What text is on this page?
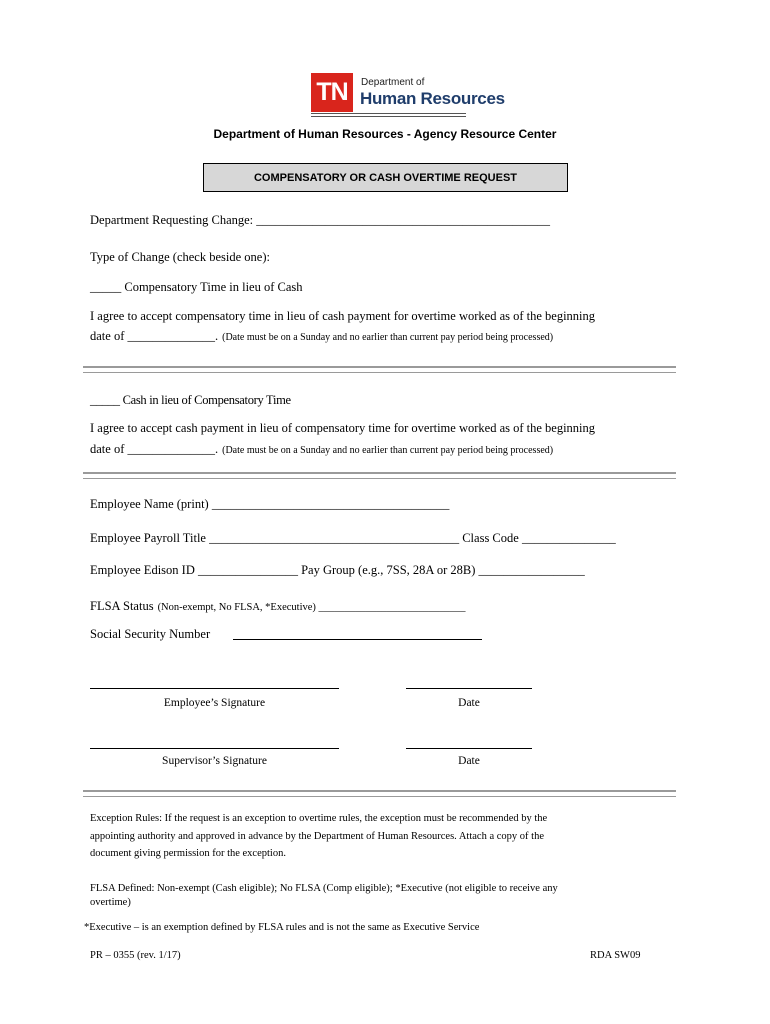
TN Department of
Human Resources
Department of Human Resources - Agency Resource Center
COMPENSATORY OR CASH OVERTIME REQUEST
Department Requesting Change: _______________________________________________
Type of Change (check beside one):
_____ Compensatory Time in lieu of Cash
I agree to accept compensatory time in lieu of cash payment for overtime worked as of the beginning
date of ______________. (Date must be on a Sunday and no earlier than current pay period being processed)
_____ Cash in lieu of Compensatory Time
I agree to accept cash payment in lieu of compensatory time for overtime worked as of the beginning
date of ______________. (Date must be on a Sunday and no earlier than current pay period being processed)
Employee Name (print) ______________________________________
Employee Payroll Title ________________________________________ Class Code _______________
Employee Edison ID ________________ Pay Group (e.g., 7SS, 28A or 28B) _________________
FLSA Status (Non-exempt, No FLSA, *Executive) ____________________________
Social Security Number
Employee’s Signature	Date
Supervisor’s Signature	Date
Exception Rules: If the request is an exception to overtime rules, the exception must be recommended by the
appointing authority and approved in advance by the Department of Human Resources. Attach a copy of the
document giving permission for the exception.
FLSA Defined: Non-exempt (Cash eligible); No FLSA (Comp eligible); *Executive (not eligible to receive any
overtime)
*Executive – is an exemption defined by FLSA rules and is not the same as Executive Service
PR – 0355 (rev. 1/17)	RDA SW09
